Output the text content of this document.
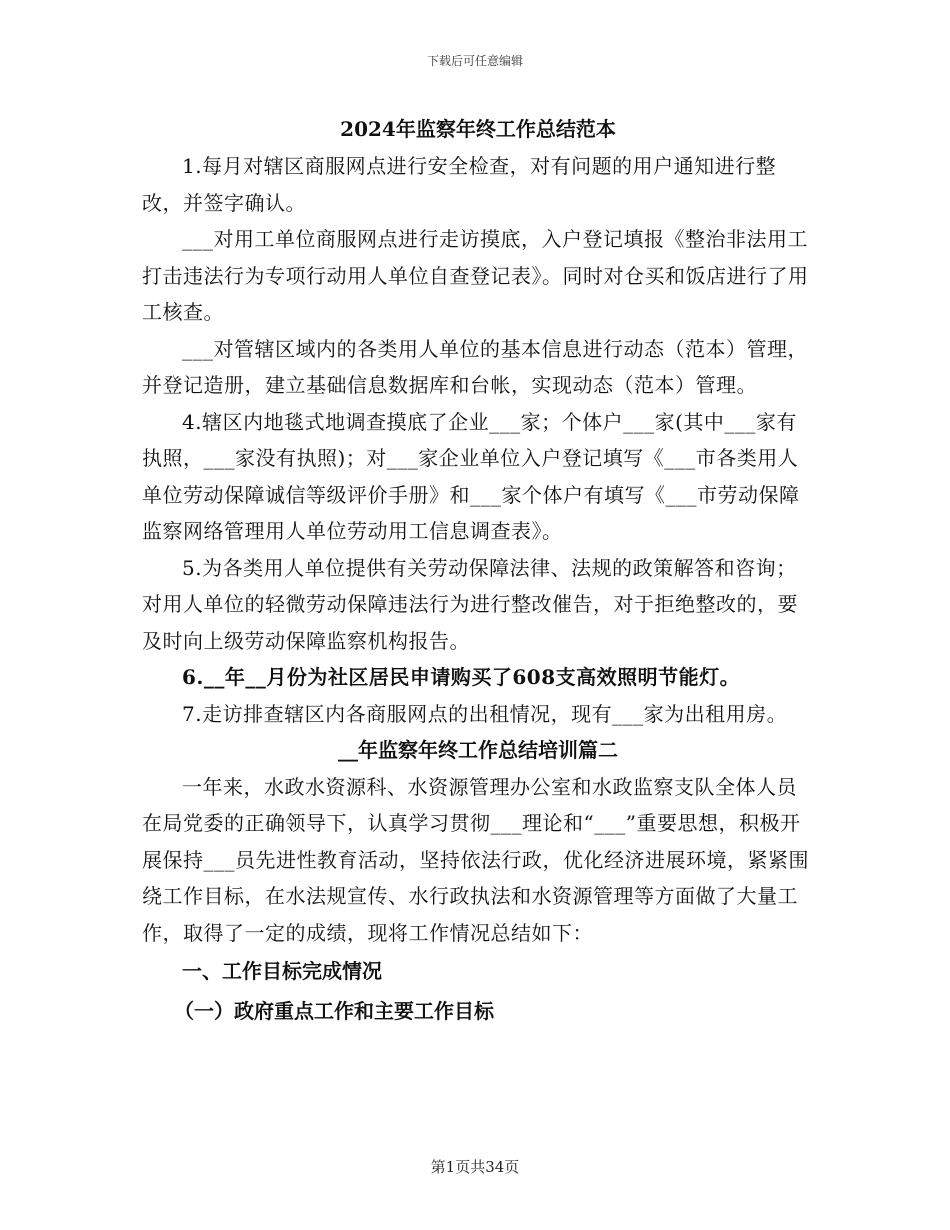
下载后可任意编辑
2024年监察年终工作总结范本

1.每月对辖区商服网点进行安全检查，对有问题的用户通知进行整改，并签字确认。

___对用工单位商服网点进行走访摸底，入户登记填报《整治非法用工打击违法行为专项行动用人单位自查登记表》。同时对仓买和饭店进行了用工核查。

___对管辖区域内的各类用人单位的基本信息进行动态（范本）管理，并登记造册，建立基础信息数据库和台帐，实现动态（范本）管理。

4.辖区内地毯式地调查摸底了企业___家；个体户___家(其中___家有执照，___家没有执照)；对___家企业单位入户登记填写《___市各类用人单位劳动保障诚信等级评价手册》和___家个体户有填写《___市劳动保障监察网络管理用人单位劳动用工信息调查表》。

5.为各类用人单位提供有关劳动保障法律、法规的政策解答和咨询；对用人单位的轻微劳动保障违法行为进行整改催告，对于拒绝整改的，要及时向上级劳动保障监察机构报告。

6.__年__月份为社区居民申请购买了608支高效照明节能灯。

7.走访排查辖区内各商服网点的出租情况，现有___家为出租用房。

__年监察年终工作总结培训篇二

一年来，水政水资源科、水资源管理办公室和水政监察支队全体人员在局党委的正确领导下，认真学习贯彻___理论和“___”重要思想，积极开展保持___员先进性教育活动，坚持依法行政，优化经济进展环境，紧紧围绕工作目标，在水法规宣传、水行政执法和水资源管理等方面做了大量工作，取得了一定的成绩，现将工作情况总结如下：

一、工作目标完成情况
（一）政府重点工作和主要工作目标
第1页共34页
